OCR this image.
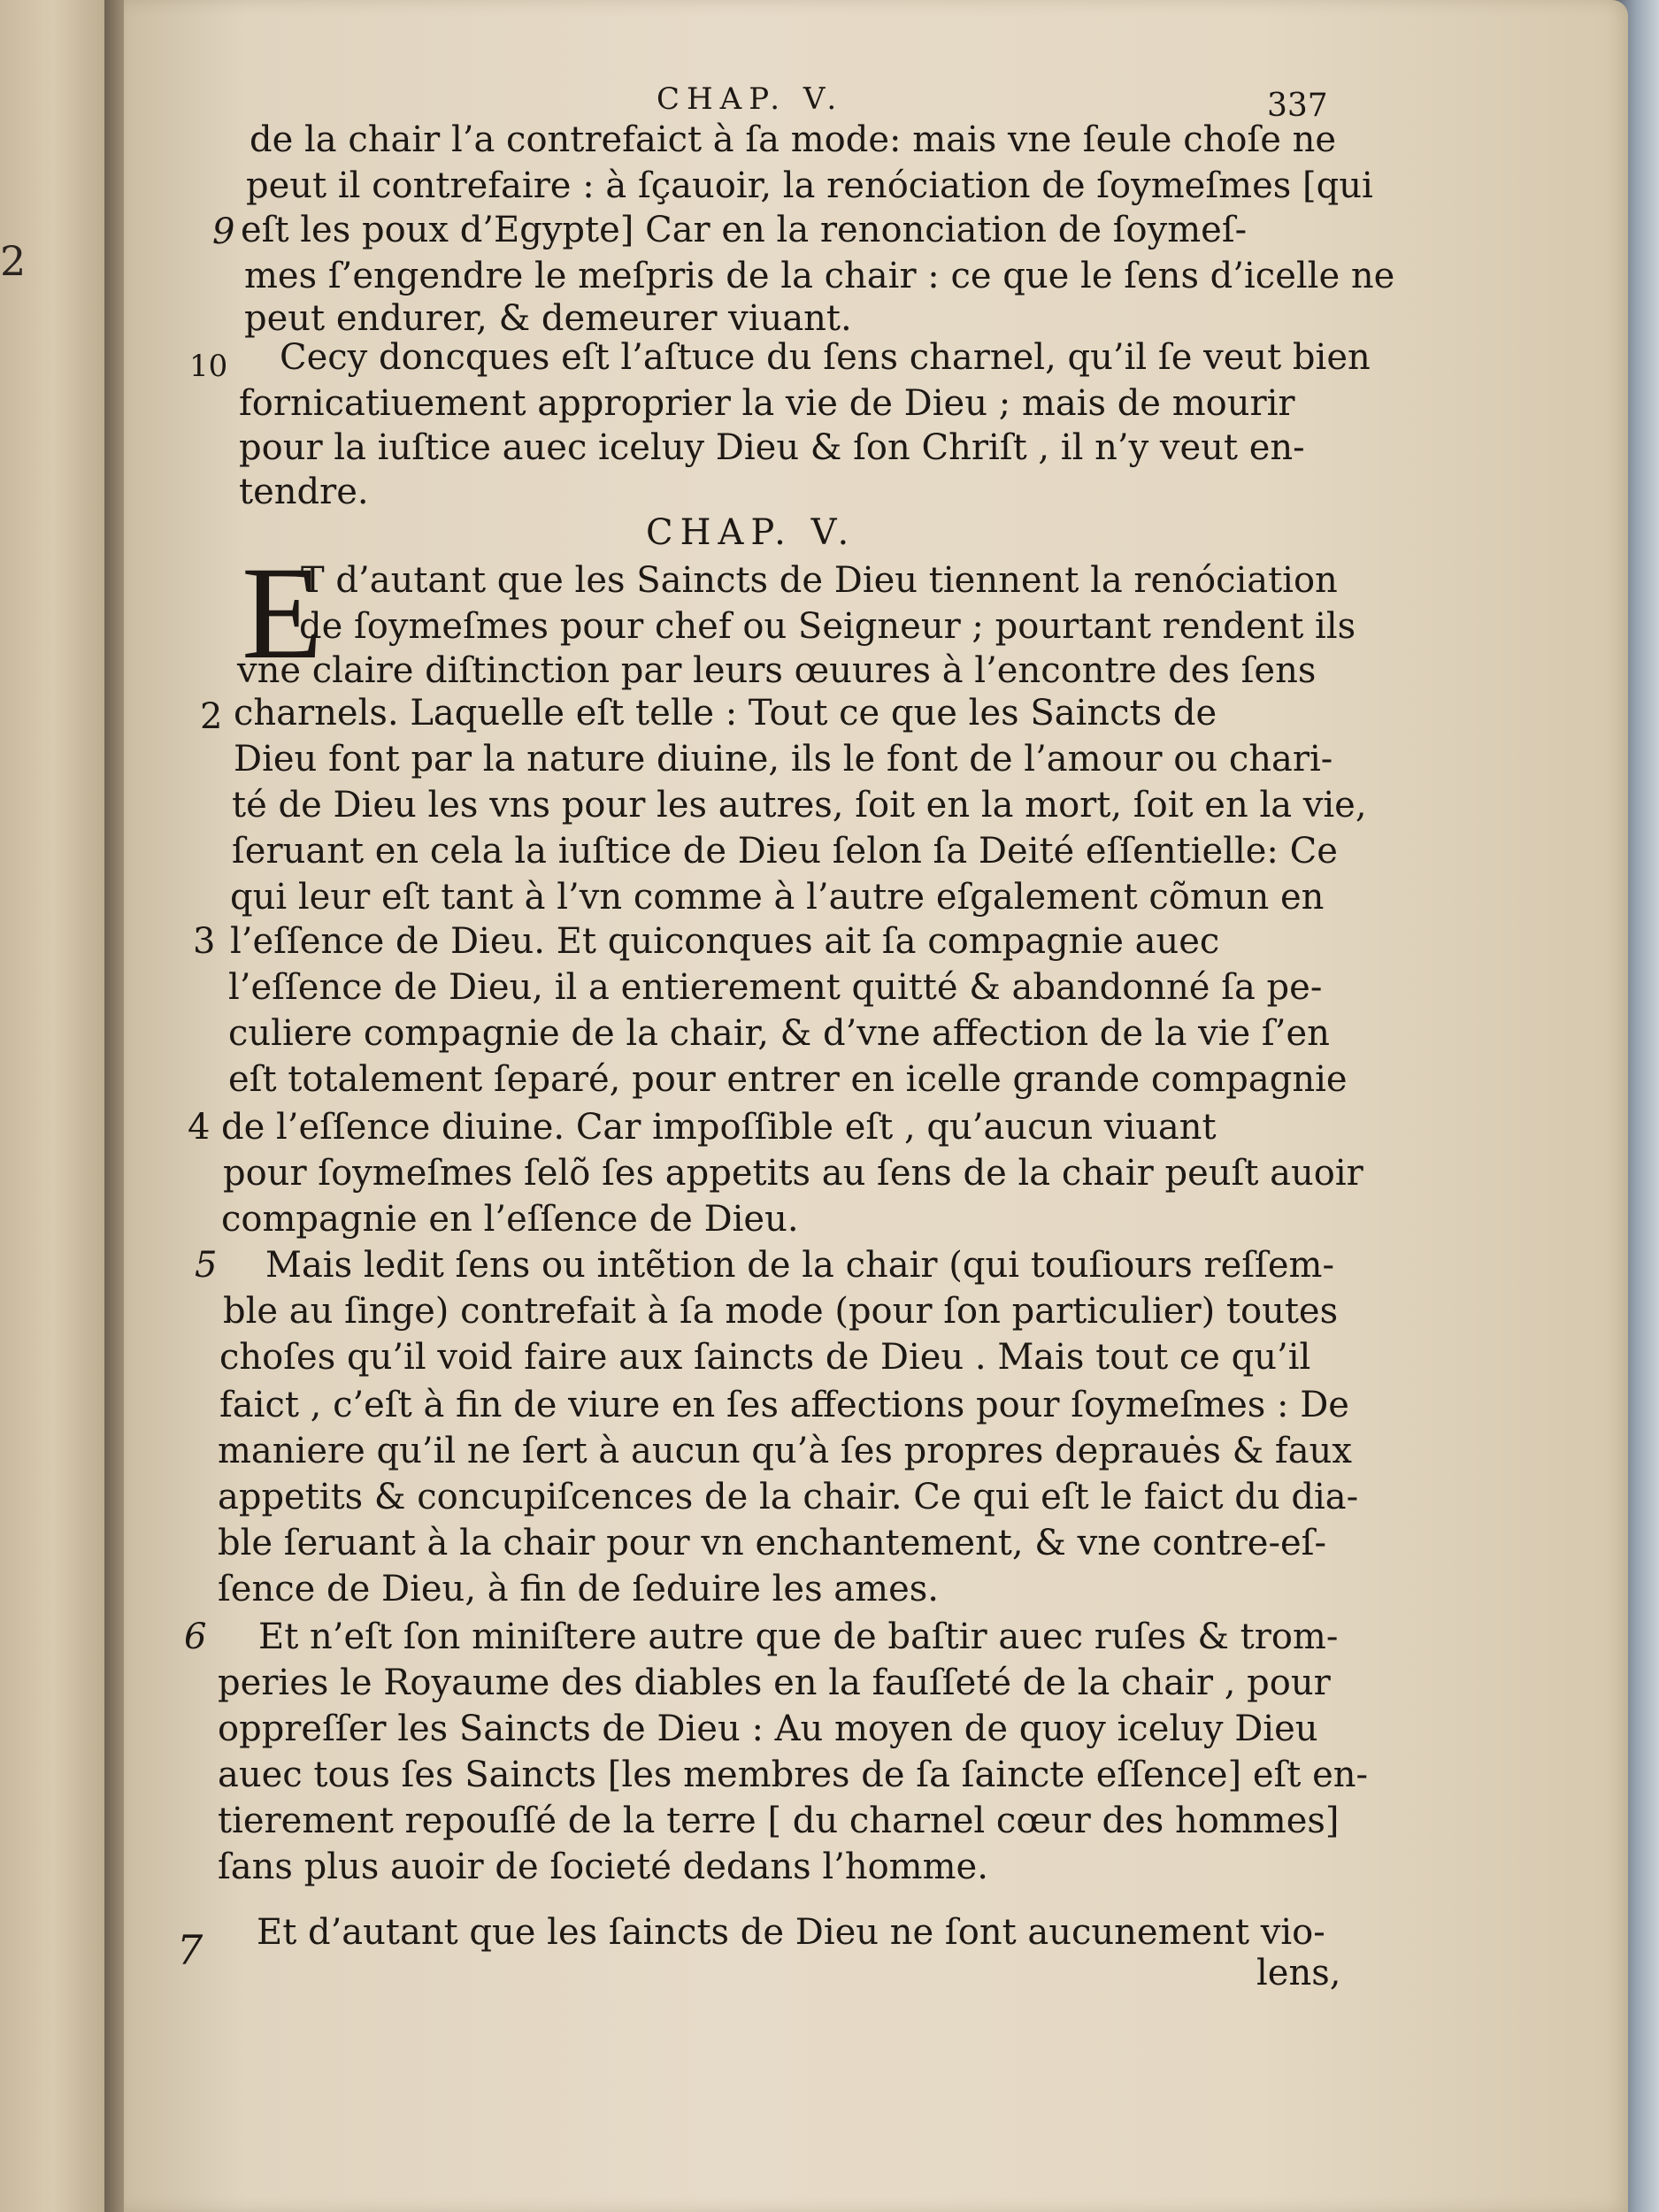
2
CHAP. V.	337
de la chair l’a contrefaict à ſa mode: mais vne ſeule choſe ne
peut il contrefaire : à ſçauoir, la renóciation de ſoymeſmes [qui
9 eſt les poux d’Egypte] Car en la renonciation de ſoymeſ-
mes ſ’engendre le meſpris de la chair : ce que le ſens d’icelle ne
peut endurer, & demeurer viuant.
10 Cecy doncques eſt l’aſtuce du ſens charnel, qu’il ſe veut bien
fornicatiuement approprier la vie de Dieu ; mais de mourir
pour la iuſtice auec iceluy Dieu & ſon Chriſt , il n’y veut en-
tendre.
CHAP. V.
E
T d’autant que les Saincts de Dieu tiennent la renóciation
de ſoymeſmes pour chef ou Seigneur ; pourtant rendent ils
vne claire diſtinction par leurs œuures à l’encontre des ſens
2 charnels. Laquelle eſt telle : Tout ce que les Saincts de
Dieu font par la nature diuine, ils le font de l’amour ou chari-
té de Dieu les vns pour les autres, ſoit en la mort, ſoit en la vie,
ſeruant en cela la iuſtice de Dieu ſelon ſa Deité eſſentielle: Ce
qui leur eſt tant à l’vn comme à l’autre eſgalement cõmun en
3 l’eſſence de Dieu. Et quiconques ait ſa compagnie auec
l’eſſence de Dieu, il a entierement quitté & abandonné ſa pe-
culiere compagnie de la chair, & d’vne affection de la vie ſ’en
eſt totalement ſeparé, pour entrer en icelle grande compagnie
4 de l’eſſence diuine. Car impoſſible eſt , qu’aucun viuant
pour ſoymeſmes ſelõ ſes appetits au ſens de la chair peuſt auoir
compagnie en l’eſſence de Dieu.
5 Mais ledit ſens ou intẽtion de la chair (qui touſiours reſſem-
ble au ſinge) contrefait à ſa mode (pour ſon particulier) toutes
choſes qu’il void faire aux ſaincts de Dieu . Mais tout ce qu’il
faict , c’eſt à fin de viure en ſes affections pour ſoymeſmes : De
maniere qu’il ne ſert à aucun qu’à ſes propres deprauės & faux
appetits & concupiſcences de la chair. Ce qui eſt le faict du dia-
ble ſeruant à la chair pour vn enchantement, & vne contre-eſ-
ſence de Dieu, à fin de ſeduire les ames.
6 Et n’eſt ſon miniſtere autre que de baſtir auec ruſes & trom-
peries le Royaume des diables en la fauſſeté de la chair , pour
oppreſſer les Saincts de Dieu : Au moyen de quoy iceluy Dieu
auec tous ſes Saincts [les membres de ſa ſaincte eſſence] eſt en-
tierement repouſſé de la terre [ du charnel cœur des hommes]
ſans plus auoir de ſocieté dedans l’homme.
7 Et d’autant que les ſaincts de Dieu ne ſont aucunement vio-
lens,
